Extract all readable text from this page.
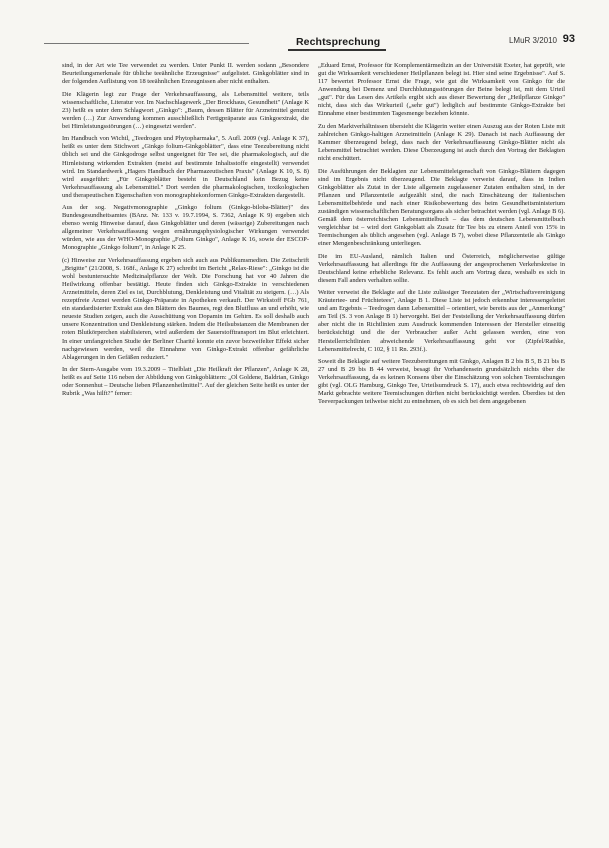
Rechtsprechung	LMuR 3/2010 93

sind, in der Art wie Tee verwendet zu werden. Unter Punkt II. werden sodann „Besondere Beurteilungsmerkmale für übliche teeähnliche Erzeugnisse" aufgelistet. Ginkgoblätter sind in der folgenden Auflistung von 18 teeähnlichen Erzeugnissen aber nicht enthalten.

Die Klägerin legt zur Frage der Verkehrsauffassung, als Lebensmittel weitere, teils wissenschaftliche, Literatur vor. Im Nachschlagewerk „Der Brockhaus, Gesundheit" (Anlage K 23) heißt es unter dem Schlagwort „Ginkgo": „Baum, dessen Blätter für Arzneimittel genutzt werden (…) Zur Anwendung kommen ausschließlich Fertigpräparate aus Ginkgoextrakt, die bei Hirnleistungsstörungen (…) eingesetzt werden".

Im Handbuch von Wichtl, „Teedrogen und Phytopharmaka", 5. Aufl. 2009 (vgl. Anlage K 37), heißt es unter dem Stichwort „Ginkgo folium-Ginkgoblätter", dass eine Teezubereitung nicht üblich sei und die Ginkgodroge selbst ungeeignet für Tee sei, die pharmakologisch, auf die Hirnleistung wirkenden Extrakten (meist auf bestimmte Inhaltsstoffe eingestellt) verwendet wird. Im Standardwerk „Hagers Handbuch der Pharmazeutischen Praxis" (Anlage K 10, S. 8) wird ausgeführt: „Für Ginkgoblätter besteht in Deutschland kein Bezug keine Verkehrsauffassung als Lebensmittel." Dort werden die pharmakologischen, toxikologischen und therapeutischen Eigenschaften von monographiekonformen Ginkgo-Extrakten dargestellt.

Aus der sog. Negativmonographie „Ginkgo folium (Ginkgo-biloba-Blätter)" des Bundesgesundheitsamtes (BAnz. Nr. 133 v. 19.7.1994, S. 7362, Anlage K 9) ergeben sich ebenso wenig Hinweise darauf, dass Ginkgoblätter und deren (wässrige) Zubereitungen nach allgemeiner Verkehrsauffassung wegen ernährungsphysiologischer Wirkungen verwendet würden, wie aus der WHO-Monographie „Folium Ginkgo", Anlage K 16, sowie der ESCOP-Monographie „Ginkgo folium", in Anlage K 25.

(c) Hinweise zur Verkehrsauffassung ergeben sich auch aus Publikumsmedien. Die Zeitschrift „Brigitte" (21/2008, S. 168f., Anlage K 27) schreibt im Bericht „Relax-Riese": „Ginkgo ist die wohl bestuntersuchte Medizinalpflanze der Welt. Die Forschung hat vor 40 Jahren die Heilwirkung offenbar bestätigt. Heute finden sich Ginkgo-Extrakte in verschiedenen Arzneimitteln, deren Ziel es ist, Durchblutung, Denkleistung und Vitalität zu steigern. (…) Als rezeptfreie Arznei werden Ginkgo-Präparate in Apotheken verkauft. Der Wirkstoff FGb 761, ein standardisierter Extrakt aus den Blättern des Baumes, regt den Blutfluss an und erhöht, wie neueste Studien zeigen, auch die Ausschüttung von Dopamin im Gehirn. Es soll deshalb auch unsere Konzentration und Denkleistung stärken. Indem die Heilsubstanzen die Membranen der roten Blutkörperchen stabilisieren, wird außerdem der Sauerstofftransport im Blut erleichtert. In einer umfangreichen Studie der Berliner Charité konnte ein zuvor bezweifelter Effekt sicher nachgewiesen werden, weil die Einnahme von Ginkgo-Extrakt offenbar gefährliche Ablagerungen in den Gefäßen reduziert."

In der Stern-Ausgabe vom 19.3.2009 – Titelblatt „Die Heilkraft der Pflanzen", Anlage K 28, heißt es auf Seite 116 neben der Abbildung von Ginkgoblättern: „Ol Goldene, Baldrian, Ginkgo oder Sonnenhut – Deutsche lieben Pflanzenheilmittel". Auf der gleichen Seite heißt es unter der Rubrik „Was hilft?" ferner:

„Eduard Ernst, Professor für Komplementärmedizin an der Universität Exeter, hat geprüft, wie gut die Wirksamkeit verschiedener Heilpflanzen belegt ist. Hier sind seine Ergebnisse". Auf S. 117 bewertet Professor Ernst die Frage, wie gut die Wirksamkeit von Ginkgo für die Anwendung bei Demenz und Durchblutungsstörungen der Beine belegt ist, mit dem Urteil „gut". Für das Lesen des Artikels ergibt sich aus dieser Bewertung der „Heilpflanze Ginkgo" nicht, dass sich das Wirkurteil („sehr gut") lediglich auf bestimmte Ginkgo-Extrakte bei Einnahme einer bestimmten Tagesmenge beziehen könnte.

Zu den Marktverhältnissen übersieht die Klägerin weiter einen Auszug aus der Roten Liste mit zahlreichen Ginkgo-haltigen Arzneimitteln (Anlage K 29). Danach ist nach Auffassung der Kammer überzeugend belegt, dass nach der Verkehrsauffassung Ginkgo-Blätter nicht als Lebensmittel betrachtet werden. Diese Überzeugung ist auch durch den Vortrag der Beklagten nicht erschüttert.

Die Ausführungen der Beklagten zur Lebensmitteleigenschaft von Ginkgo-Blättern dagegen sind im Ergebnis nicht überzeugend. Die Beklagte verweist darauf, dass in Indien Ginkgoblätter als Zutat in der Liste allgemein zugelassener Zutaten enthalten sind, in der Pflanzen und Pflanzenteile aufgezählt sind, die nach Einschätzung der italienischen Lebensmittelbehörde und nach einer Risikobewertung des beim Gesundheitsministerium zuständigen wissenschaftlichen Beratungsorgans als sicher betrachtet werden (vgl. Anlage B 6). Gemäß dem österreichischen Lebensmittelbuch – das dem deutschen Lebensmittelbuch vergleichbar ist – wird dort Ginkgoblatt als Zusatz für Tee bis zu einem Anteil von 15% in Teemischungen als üblich angesehen (vgl. Anlage B 7), wobei diese Pflanzenteile als Ginkgo einer Mengenbeschränkung unterliegen.

Die im EU-Ausland, nämlich Italien und Österreich, möglicherweise gültige Verkehrsauffassung hat allerdings für die Auffassung der angesprochenen Verkehrskreise in Deutschland keine erhebliche Relevanz. Es fehlt auch am Vortrag dazu, weshalb es sich in diesem Fall anders verhalten sollte.

Weiter verweist die Beklagte auf die Liste zulässiger Teezutaten der „Wirtschaftsvereinigung Kräutertee- und Früchtetees", Anlage B 1. Diese Liste ist jedoch erkennbar interessengeleitet und am Ergebnis – Teedrogen dann Lebensmittel – orientiert, wie bereits aus der „Anmerkung" am Teil (S. 3 von Anlage B 1) hervorgeht. Bei der Feststellung der Verkehrsauffassung dürfen aber nicht die in Richtlinien zum Ausdruck kommenden Interessen der Hersteller einseitig berücksichtigt und die der Verbraucher außer Acht gelassen werden, eine von Herstellerrichtlinien abweichende Verkehrsauffassung geht vor (Zipfel/Rathke, Lebensmittelrecht, C 102, § 11 Rn. 293f.).

Soweit die Beklagte auf weitere Teezubereitungen mit Ginkgo, Anlagen B 2 bis B 5, B 21 bis B 27 und B 29 bis B 44 verweist, besagt ihr Vorhandensein grundsätzlich nichts über die Verkehrsauffassung, da es keinen Konsens über die Einschätzung von solchen Teemischungen gibt (vgl. OLG Hamburg, Ginkgo Tee, Urteilsumdruck S. 17), auch etwa rechtswidrig auf den Markt gebrachte weitere Teemischungen dürften nicht berücksichtigt werden. Überdies ist den Teeverpackungen teilweise nicht zu entnehmen, ob es sich bei dem angegebenen
